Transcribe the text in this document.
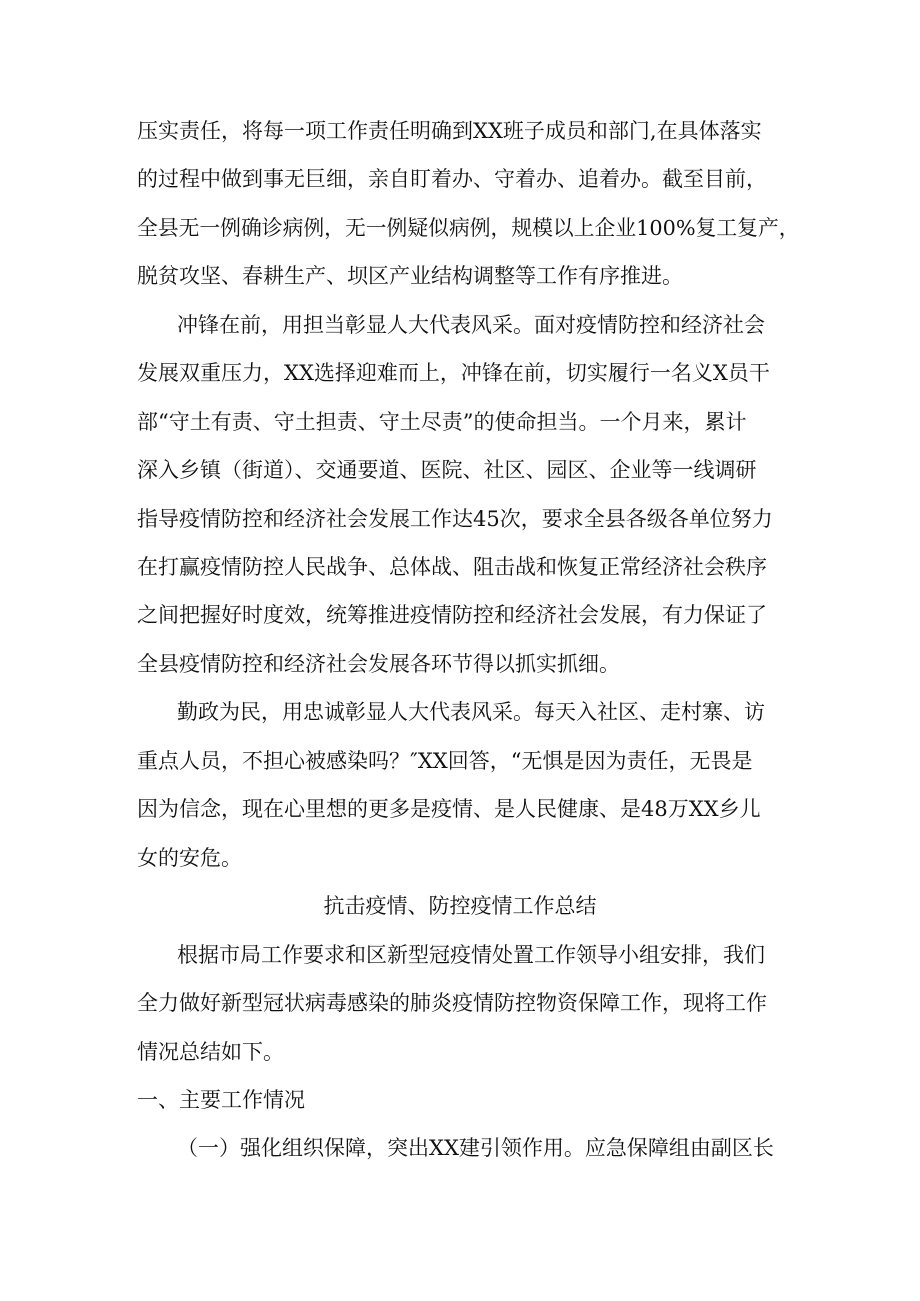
压实责任，将每一项工作责任明确到XX班子成员和部门,在具体落实
的过程中做到事无巨细，亲自盯着办、守着办、追着办。截至目前，
全县无一例确诊病例，无一例疑似病例，规模以上企业100%复工复产，
脱贫攻坚、春耕生产、坝区产业结构调整等工作有序推进。
冲锋在前，用担当彰显人大代表风采。面对疫情防控和经济社会
发展双重压力，XX选择迎难而上，冲锋在前，切实履行一名义X员干
部“守土有责、守土担责、守土尽责”的使命担当。一个月来，累计
深入乡镇（街道）、交通要道、医院、社区、园区、企业等一线调研
指导疫情防控和经济社会发展工作达45次，要求全县各级各单位努力
在打赢疫情防控人民战争、总体战、阻击战和恢复正常经济社会秩序
之间把握好时度效，统筹推进疫情防控和经济社会发展，有力保证了
全县疫情防控和经济社会发展各环节得以抓实抓细。
勤政为民，用忠诚彰显人大代表风采。每天入社区、走村寨、访
重点人员，不担心被感染吗？″XX回答，“无惧是因为责任，无畏是
因为信念，现在心里想的更多是疫情、是人民健康、是48万XX乡儿
女的安危。
抗击疫情、防控疫情工作总结
根据市局工作要求和区新型冠疫情处置工作领导小组安排，我们
全力做好新型冠状病毒感染的肺炎疫情防控物资保障工作，现将工作
情况总结如下。
一、主要工作情况
（一）强化组织保障，突出XX建引领作用。应急保障组由副区长
